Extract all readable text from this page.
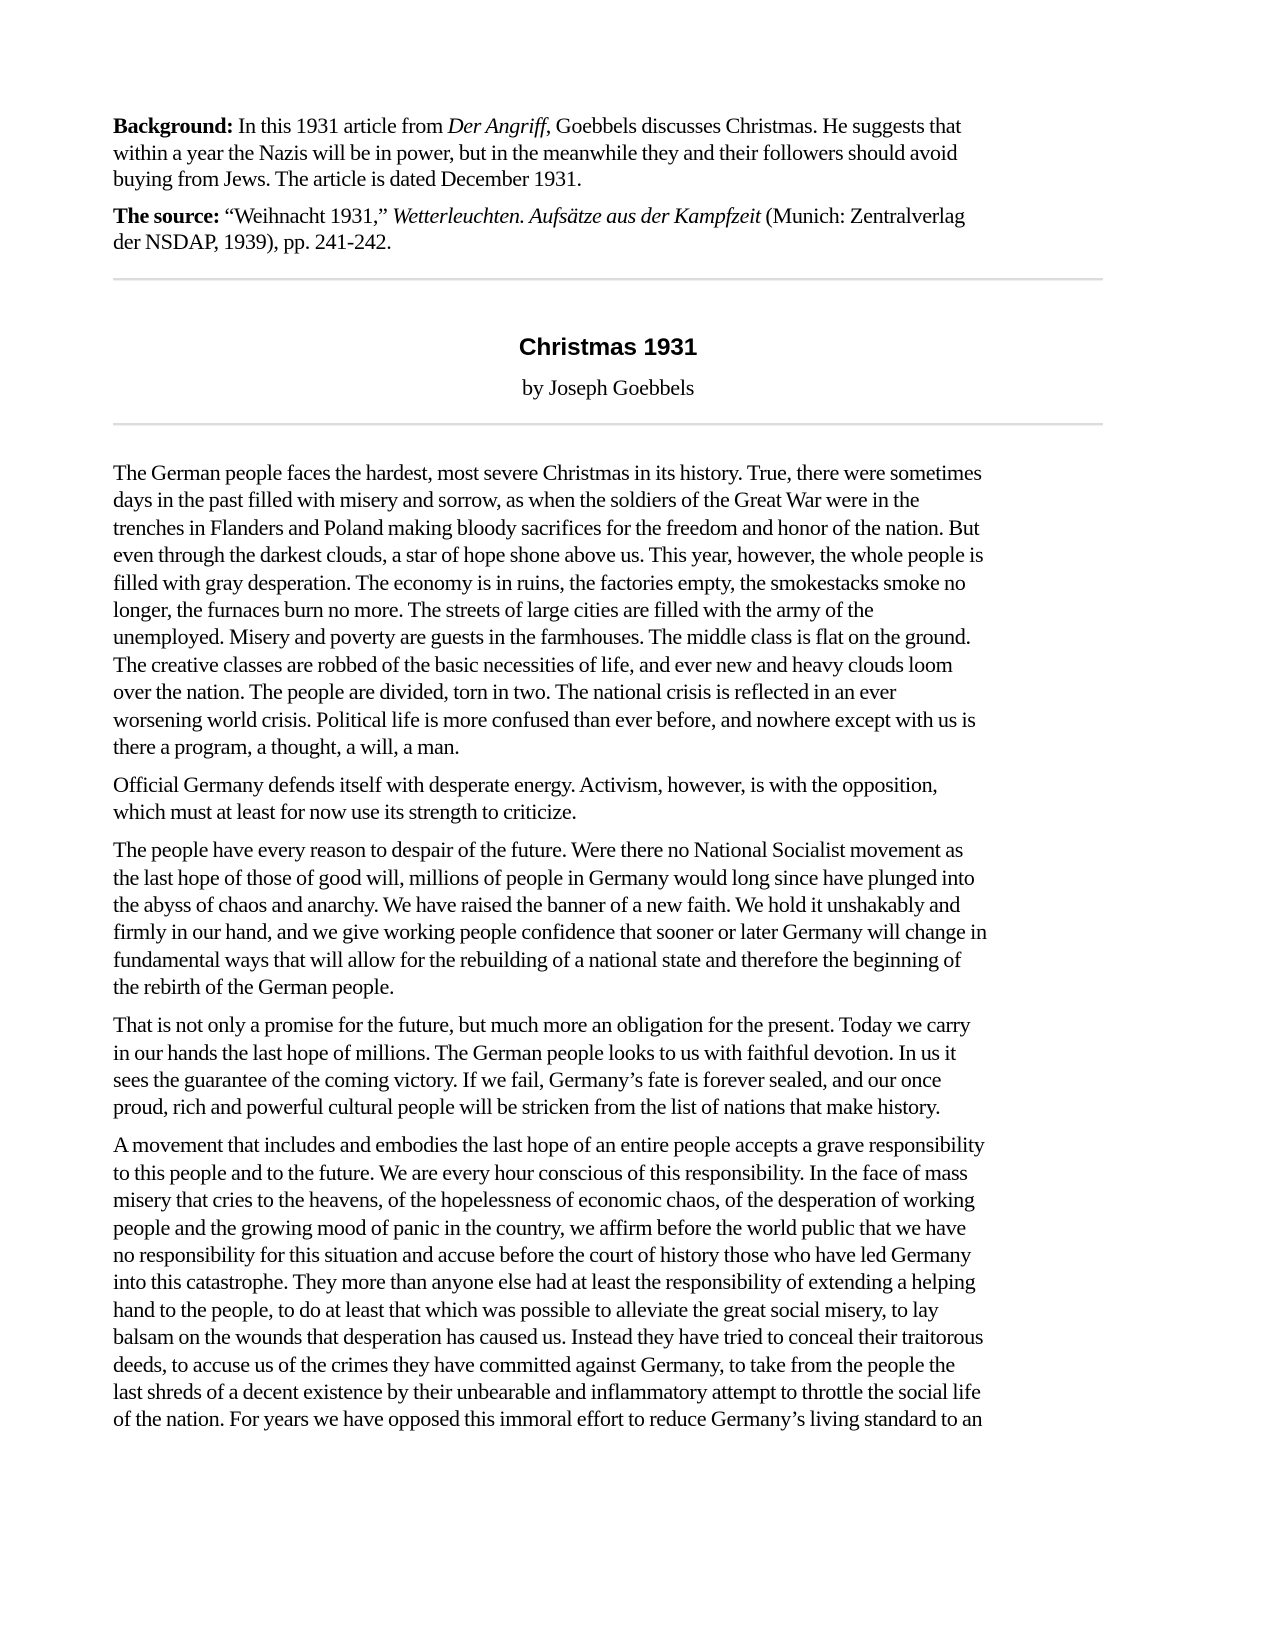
Background: In this 1931 article from Der Angriff, Goebbels discusses Christmas. He suggests that
within a year the Nazis will be in power, but in the meanwhile they and their followers should avoid
buying from Jews. The article is dated December 1931.

The source: “Weihnacht 1931,” Wetterleuchten. Aufsätze aus der Kampfzeit (Munich: Zentralverlag
der NSDAP, 1939), pp. 241-242.

Christmas 1931

by Joseph Goebbels

The German people faces the hardest, most severe Christmas in its history. True, there were sometimes
days in the past filled with misery and sorrow, as when the soldiers of the Great War were in the
trenches in Flanders and Poland making bloody sacrifices for the freedom and honor of the nation. But
even through the darkest clouds, a star of hope shone above us. This year, however, the whole people is
filled with gray desperation. The economy is in ruins, the factories empty, the smokestacks smoke no
longer, the furnaces burn no more. The streets of large cities are filled with the army of the
unemployed. Misery and poverty are guests in the farmhouses. The middle class is flat on the ground.
The creative classes are robbed of the basic necessities of life, and ever new and heavy clouds loom
over the nation. The people are divided, torn in two. The national crisis is reflected in an ever
worsening world crisis. Political life is more confused than ever before, and nowhere except with us is
there a program, a thought, a will, a man.

Official Germany defends itself with desperate energy. Activism, however, is with the opposition,
which must at least for now use its strength to criticize.

The people have every reason to despair of the future. Were there no National Socialist movement as
the last hope of those of good will, millions of people in Germany would long since have plunged into
the abyss of chaos and anarchy. We have raised the banner of a new faith. We hold it unshakably and
firmly in our hand, and we give working people confidence that sooner or later Germany will change in
fundamental ways that will allow for the rebuilding of a national state and therefore the beginning of
the rebirth of the German people.

That is not only a promise for the future, but much more an obligation for the present. Today we carry
in our hands the last hope of millions. The German people looks to us with faithful devotion. In us it
sees the guarantee of the coming victory. If we fail, Germany’s fate is forever sealed, and our once
proud, rich and powerful cultural people will be stricken from the list of nations that make history.

A movement that includes and embodies the last hope of an entire people accepts a grave responsibility
to this people and to the future. We are every hour conscious of this responsibility. In the face of mass
misery that cries to the heavens, of the hopelessness of economic chaos, of the desperation of working
people and the growing mood of panic in the country, we affirm before the world public that we have
no responsibility for this situation and accuse before the court of history those who have led Germany
into this catastrophe. They more than anyone else had at least the responsibility of extending a helping
hand to the people, to do at least that which was possible to alleviate the great social misery, to lay
balsam on the wounds that desperation has caused us. Instead they have tried to conceal their traitorous
deeds, to accuse us of the crimes they have committed against Germany, to take from the people the
last shreds of a decent existence by their unbearable and inflammatory attempt to throttle the social life
of the nation. For years we have opposed this immoral effort to reduce Germany’s living standard to an
